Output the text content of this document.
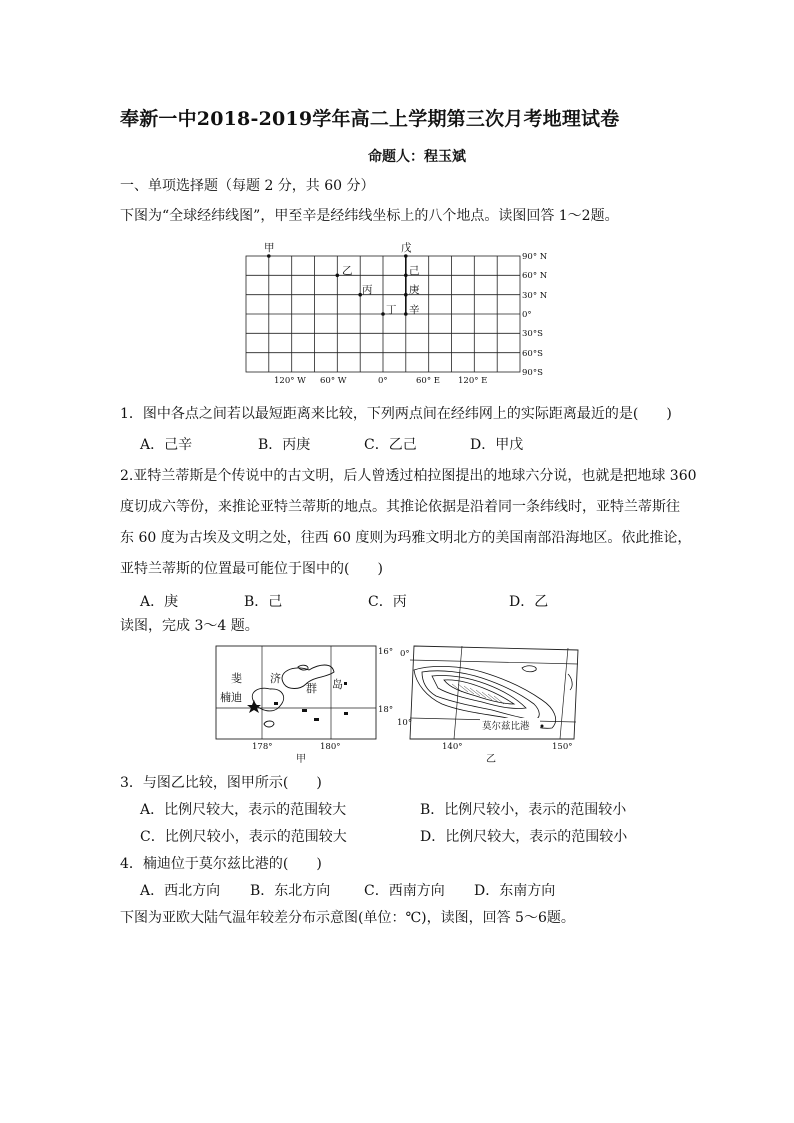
奉新一中2018-2019学年高二上学期第三次月考地理试卷
命题人：程玉斌
一、单项选择题（每题 2 分，共 60 分）
下图为“全球经纬线图”，甲至辛是经纬线坐标上的八个地点。读图回答 1～2题。
甲
乙
丙
丁
戊
己
庚
辛
90° N
60° N
30° N
0°
30°S
60°S
90°S
120° W 60° W	0°	60° E 120° E
1．图中各点之间若以最短距离来比较，下列两点间在经纬网上的实际距离最近的是(　　)
A．己辛	B．丙庚	C．乙己	D．甲戊
2.亚特兰蒂斯是个传说中的古文明，后人曾透过柏拉图提出的地球六分说，也就是把地球 360
度切成六等份，来推论亚特兰蒂斯的地点。其推论依据是沿着同一条纬线时，亚特兰蒂斯往
东 60 度为古埃及文明之处，往西 60 度则为玛雅文明北方的美国南部沿海地区。依此推论，
亚特兰蒂斯的位置最可能位于图中的(　　)
A．庚	B．己	C．丙	D．乙
读图，完成 3～4 题。
斐	济
群 岛
楠迪
16°
18°
178°	180°
甲
莫尔兹比港
0°
10°
140°	150°
乙
3．与图乙比较，图甲所示(　　)
A．比例尺较大，表示的范围较大	B．比例尺较小，表示的范围较小
C．比例尺较小，表示的范围较大	D．比例尺较大，表示的范围较小
4．楠迪位于莫尔兹比港的(　　)
A．西北方向 B．东北方向 C．西南方向 D．东南方向
下图为亚欧大陆气温年较差分布示意图(单位：℃)，读图，回答 5～6题。
